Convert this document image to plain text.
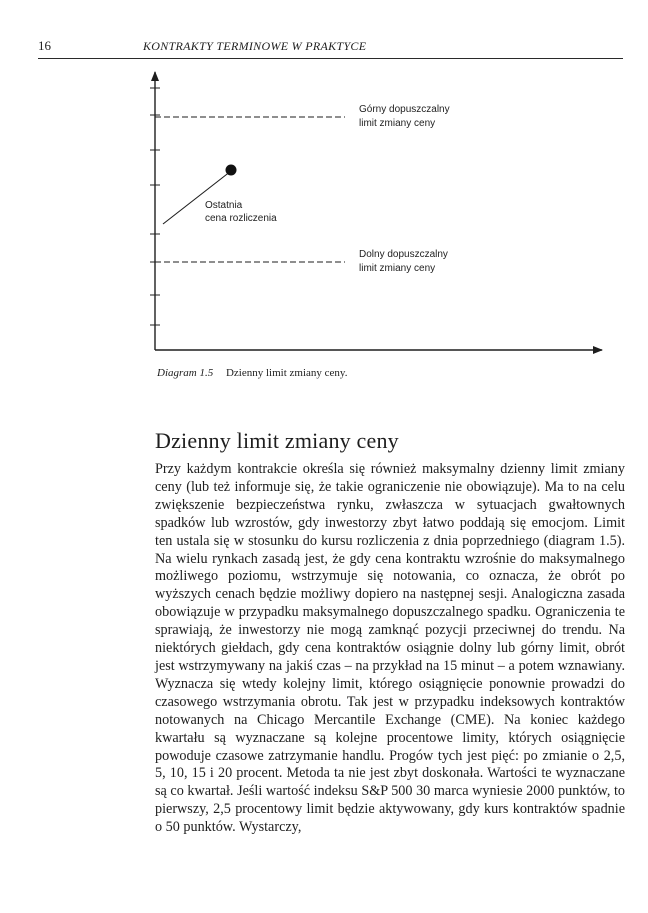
16	KONTRAKTY TERMINOWE W PRAKTYCE
Górny dopuszczalny limit zmiany ceny
Ostatnia cena rozliczenia
Dolny dopuszczalny limit zmiany ceny
Diagram 1.5 Dzienny limit zmiany ceny.
Dzienny limit zmiany ceny

Przy każdym kontrakcie określa się również maksymalny dzienny limit zmiany ceny (lub też informuje się, że takie ograniczenie nie obowiązuje). Ma to na celu zwiększenie bezpieczeństwa rynku, zwłaszcza w sytuacjach gwałtownych spadków lub wzrostów, gdy inwestorzy zbyt łatwo poddają się emocjom. Limit ten ustala się w stosunku do kursu rozliczenia z dnia poprzedniego (diagram 1.5). Na wielu rynkach zasadą jest, że gdy cena kontraktu wzrośnie do maksymalnego możliwego poziomu, wstrzymuje się notowania, co oznacza, że obrót po wyższych cenach będzie możliwy dopiero na następnej sesji. Analogiczna zasada obowiązuje w przypadku maksymalnego dopuszczalnego spadku. Ograniczenia te sprawiają, że inwestorzy nie mogą zamknąć pozycji przeciwnej do trendu. Na niektórych giełdach, gdy cena kontraktów osiągnie dolny lub górny limit, obrót jest wstrzymywany na jakiś czas – na przykład na 15 minut – a potem wznawiany. Wyznacza się wtedy kolejny limit, którego osiągnięcie ponownie prowadzi do czasowego wstrzymania obrotu. Tak jest w przypadku indeksowych kontraktów notowanych na Chicago Mercantile Exchange (CME). Na koniec każdego kwartału są wyznaczane są kolejne procentowe limity, których osiągnięcie powoduje czasowe zatrzymanie handlu. Progów tych jest pięć: po zmianie o 2,5, 5, 10, 15 i 20 procent. Metoda ta nie jest zbyt doskonała. Wartości te wyznaczane są co kwartał. Jeśli wartość indeksu S&P 500 30 marca wyniesie 2000 punktów, to pierwszy, 2,5 procentowy limit będzie aktywowany, gdy kurs kontraktów spadnie o 50 punktów. Wystarczy,
